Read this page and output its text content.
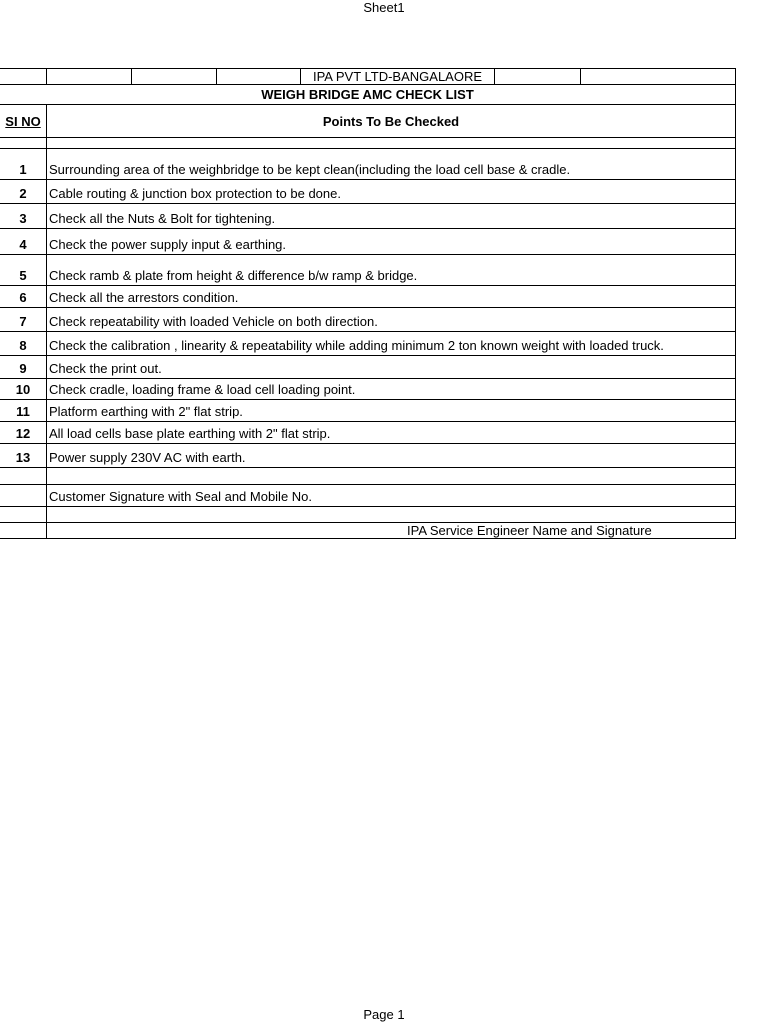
Sheet1
IPA PVT LTD-BANGALAORE
WEIGH BRIDGE AMC CHECK LIST
SI NO	Points To Be Checked
1	Surrounding area of the weighbridge to be kept clean(including the load cell base & cradle.
2	Cable routing & junction box protection to be done.
3	Check all the Nuts & Bolt for tightening.
4	Check the power supply input & earthing.
5	Check ramb & plate from height & difference b/w ramp & bridge.
6	Check all the arrestors condition.
7	Check repeatability with loaded Vehicle on both direction.
8	Check the calibration , linearity & repeatability while adding minimum 2 ton known weight with loaded truck.
9	Check the print out.
10	Check cradle, loading frame & load cell loading point.
11	Platform earthing with 2" flat strip.
12	All load cells base plate earthing with 2" flat strip.
13	Power supply 230V AC with earth.
Customer Signature with Seal and Mobile No.
IPA Service Engineer Name and Signature
Page 1
